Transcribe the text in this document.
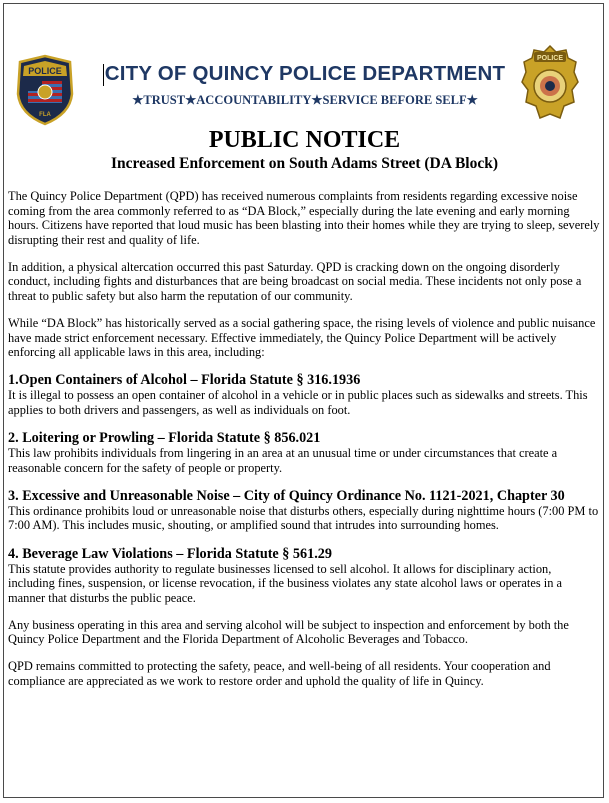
POLICE
FLA
CITY OF QUINCY POLICE DEPARTMENT
★TRUST★ACCOUNTABILITY★SERVICE BEFORE SELF★
POLICE
PUBLIC NOTICE
Increased Enforcement on South Adams Street (DA Block)

The Quincy Police Department (QPD) has received numerous complaints from residents regarding excessive noise coming from the area commonly referred to as “DA Block,” especially during the late evening and early morning hours. Citizens have reported that loud music has been blasting into their homes while they are trying to sleep, severely disrupting their rest and quality of life.

In addition, a physical altercation occurred this past Saturday. QPD is cracking down on the ongoing disorderly conduct, including fights and disturbances that are being broadcast on social media. These incidents not only pose a threat to public safety but also harm the reputation of our community.

While “DA Block” has historically served as a social gathering space, the rising levels of violence and public nuisance have made strict enforcement necessary. Effective immediately, the Quincy Police Department will be actively enforcing all applicable laws in this area, including:

1.Open Containers of Alcohol – Florida Statute § 316.1936

It is illegal to possess an open container of alcohol in a vehicle or in public places such as sidewalks and streets. This applies to both drivers and passengers, as well as individuals on foot.

2. Loitering or Prowling – Florida Statute § 856.021

This law prohibits individuals from lingering in an area at an unusual time or under circumstances that create a reasonable concern for the safety of people or property.

3. Excessive and Unreasonable Noise – City of Quincy Ordinance No. 1121-2021, Chapter 30

This ordinance prohibits loud or unreasonable noise that disturbs others, especially during nighttime hours (7:00 PM to 7:00 AM). This includes music, shouting, or amplified sound that intrudes into surrounding homes.

4. Beverage Law Violations – Florida Statute § 561.29

This statute provides authority to regulate businesses licensed to sell alcohol. It allows for disciplinary action, including fines, suspension, or license revocation, if the business violates any state alcohol laws or operates in a manner that disturbs the public peace.

Any business operating in this area and serving alcohol will be subject to inspection and enforcement by both the Quincy Police Department and the Florida Department of Alcoholic Beverages and Tobacco.

QPD remains committed to protecting the safety, peace, and well-being of all residents. Your cooperation and compliance are appreciated as we work to restore order and uphold the quality of life in Quincy.
